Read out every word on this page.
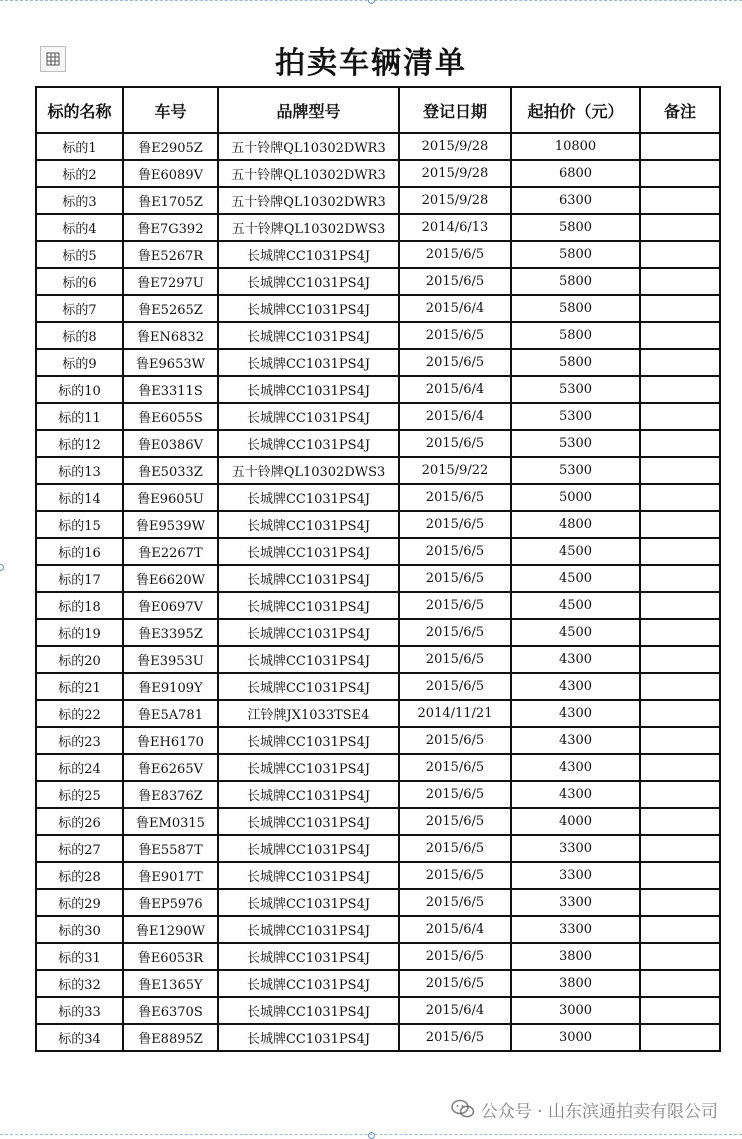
拍卖车辆清单
标的名称	车号	品牌型号	登记日期	起拍价（元）	备注
标的1	鲁E2905Z	五十铃牌QL10302DWR3	2015/9/28	10800	
标的2	鲁E6089V	五十铃牌QL10302DWR3	2015/9/28	6800	
标的3	鲁E1705Z	五十铃牌QL10302DWR3	2015/9/28	6300	
标的4	鲁E7G392	五十铃牌QL10302DWS3	2014/6/13	5800	
标的5	鲁E5267R	长城牌CC1031PS4J	2015/6/5	5800	
标的6	鲁E7297U	长城牌CC1031PS4J	2015/6/5	5800	
标的7	鲁E5265Z	长城牌CC1031PS4J	2015/6/4	5800	
标的8	鲁EN6832	长城牌CC1031PS4J	2015/6/5	5800	
标的9	鲁E9653W	长城牌CC1031PS4J	2015/6/5	5800	
标的10	鲁E3311S	长城牌CC1031PS4J	2015/6/4	5300	
标的11	鲁E6055S	长城牌CC1031PS4J	2015/6/4	5300	
标的12	鲁E0386V	长城牌CC1031PS4J	2015/6/5	5300	
标的13	鲁E5033Z	五十铃牌QL10302DWS3	2015/9/22	5300	
标的14	鲁E9605U	长城牌CC1031PS4J	2015/6/5	5000	
标的15	鲁E9539W	长城牌CC1031PS4J	2015/6/5	4800	
标的16	鲁E2267T	长城牌CC1031PS4J	2015/6/5	4500	
标的17	鲁E6620W	长城牌CC1031PS4J	2015/6/5	4500	
标的18	鲁E0697V	长城牌CC1031PS4J	2015/6/5	4500	
标的19	鲁E3395Z	长城牌CC1031PS4J	2015/6/5	4500	
标的20	鲁E3953U	长城牌CC1031PS4J	2015/6/5	4300	
标的21	鲁E9109Y	长城牌CC1031PS4J	2015/6/5	4300	
标的22	鲁E5A781	江铃牌JX1033TSE4	2014/11/21	4300	
标的23	鲁EH6170	长城牌CC1031PS4J	2015/6/5	4300	
标的24	鲁E6265V	长城牌CC1031PS4J	2015/6/5	4300	
标的25	鲁E8376Z	长城牌CC1031PS4J	2015/6/5	4300	
标的26	鲁EM0315	长城牌CC1031PS4J	2015/6/5	4000	
标的27	鲁E5587T	长城牌CC1031PS4J	2015/6/5	3300	
标的28	鲁E9017T	长城牌CC1031PS4J	2015/6/5	3300	
标的29	鲁EP5976	长城牌CC1031PS4J	2015/6/5	3300	
标的30	鲁E1290W	长城牌CC1031PS4J	2015/6/4	3300	
标的31	鲁E6053R	长城牌CC1031PS4J	2015/6/5	3800	
标的32	鲁E1365Y	长城牌CC1031PS4J	2015/6/5	3800	
标的33	鲁E6370S	长城牌CC1031PS4J	2015/6/4	3000	
标的34	鲁E8895Z	长城牌CC1031PS4J	2015/6/5	3000	
公众号 · 山东滨通拍卖有限公司
